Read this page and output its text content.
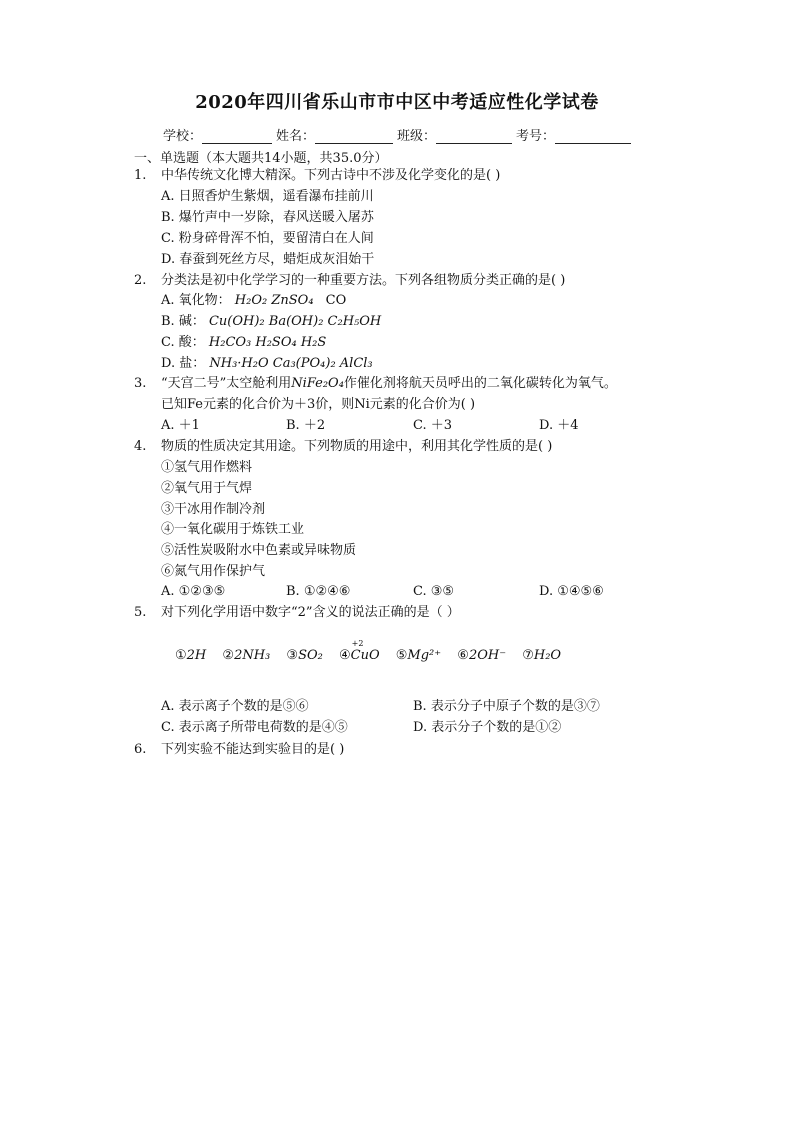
2020年四川省乐山市市中区中考适应性化学试卷
学校：	姓名：	班级：	考号：
一、单选题（本大题共14小题，共35.0分）
1. 中华传统文化博大精深。下列古诗中不涉及化学变化的是( )
A. 日照香炉生紫烟，遥看瀑布挂前川
B. 爆竹声中一岁除，春风送暖入屠苏
C. 粉身碎骨浑不怕，要留清白在人间
D. 春蚕到死丝方尽，蜡炬成灰泪始干
2. 分类法是初中化学学习的一种重要方法。下列各组物质分类正确的是( )
A. 氧化物： H₂O₂ ZnSO₄ CO
B. 碱： Cu(OH)₂ Ba(OH)₂ C₂H₅OH
C. 酸： H₂CO₃ H₂SO₄ H₂S
D. 盐： NH₃·H₂O Ca₃(PO₄)₂ AlCl₃
3. “天宫二号”太空舱利用NiFe₂O₄作催化剂将航天员呼出的二氧化碳转化为氧气。
已知Fe元素的化合价为＋3价，则Ni元素的化合价为( )
A. ＋1	B. ＋2	C. ＋3	D. ＋4
4. 物质的性质决定其用途。下列物质的用途中，利用其化学性质的是( )
①氢气用作燃料
②氧气用于气焊
③干冰用作制冷剂
④一氧化碳用于炼铁工业
⑤活性炭吸附水中色素或异味物质
⑥氮气用作保护气
A. ①②③⑤	B. ①②④⑥	C. ③⑤	D. ①④⑤⑥
5. 对下列化学用语中数字“2”含义的说法正确的是（ ）
①2H ②2NH₃ ③SO₂ ④
+2
CuO ⑤Mg²⁺ ⑥2OH⁻ ⑦H₂O
A. 表示离子个数的是⑤⑥	B. 表示分子中原子个数的是③⑦
C. 表示离子所带电荷数的是④⑤	D. 表示分子个数的是①②
6. 下列实验不能达到实验目的是( )
